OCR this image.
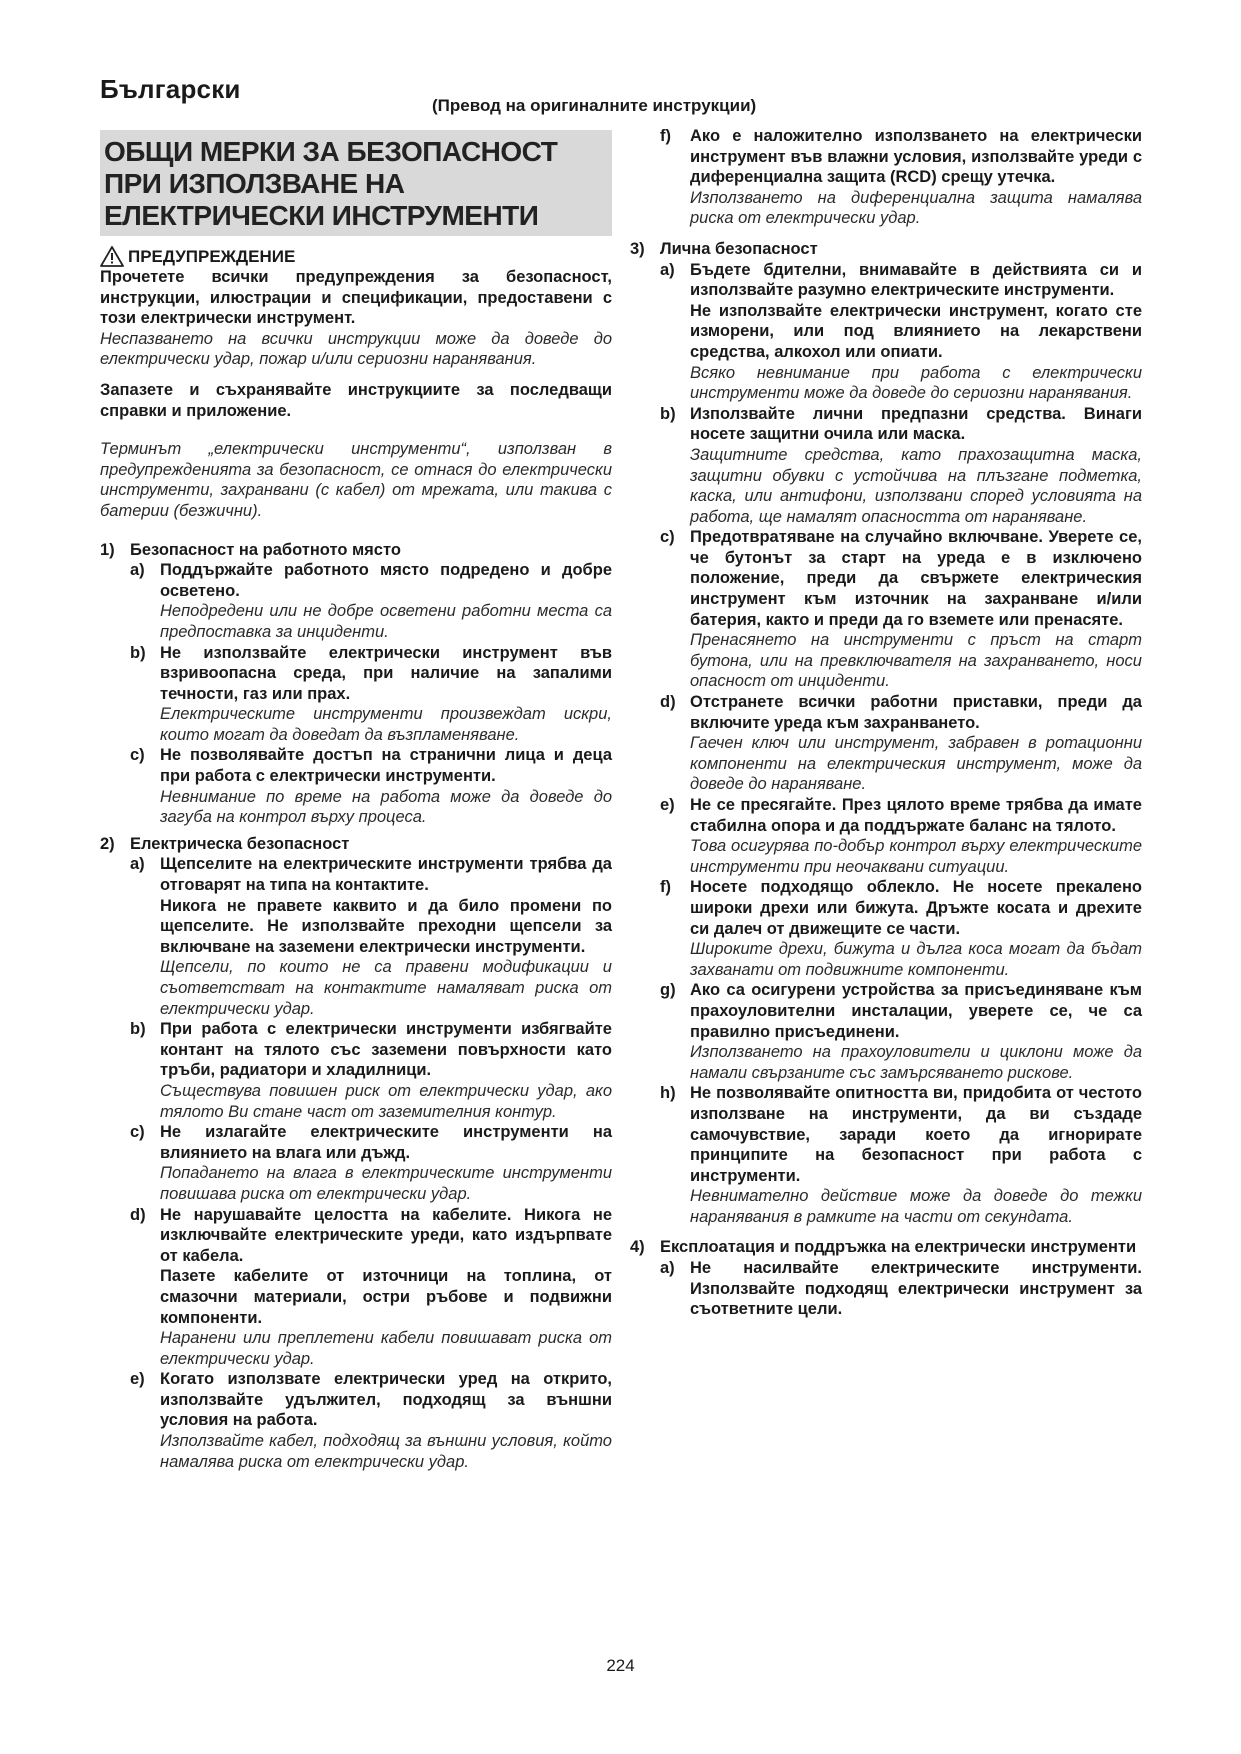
Български
(Превод на оригиналните инструкции)
ОБЩИ МЕРКИ ЗА БЕЗОПАСНОСТ
ПРИ ИЗПОЛЗВАНЕ НА
ЕЛЕКТРИЧЕСКИ ИНСТРУМЕНТИ
ПРЕДУПРЕЖДЕНИЕ

Прочетете всички предупреждения за безопасност, инструкции, илюстрации и спецификации, предоставени с този електрически инструмент.

Неспазването на всички инструкции може да доведе до електрически удар, пожар и/или сериозни наранявания.

Запазете и съхранявайте инструкциите за последващи справки и приложение.

Терминът „електрически инструменти“, използван в предупрежденията за безопасност, се отнася до електрически инструменти, захранвани (с кабел) от мрежата, или такива с батерии (безжични).

1) Безопасност на работното място
a) Поддържайте работното място подредено и добре осветено.

Неподредени или не добре осветени работни места са предпоставка за инциденти.

b) Не използвайте електрически инструмент във взривоопасна среда, при наличие на запалими течности, газ или прах.

Електрическите инструменти произвеждат искри, които могат да доведат да възпламеняване.

c) Не позволявайте достъп на странични лица и деца при работа с електрически инструменти.

Невнимание по време на работа може да доведе до загуба на контрол върху процеса.

2) Електрическа безопасност
a) Щепселите на електрическите инструменти трябва да отговарят на типа на контактите.

Никога не правете каквито и да било промени по щепселите. Не използвайте преходни щепсели за включване на заземени електрически инструменти.

Щепсели, по които не са правени модификации и съответстват на контактите намаляват риска от електрически удар.

b) При работа с електрически инструменти избягвайте контант на тялото със заземени повърхности като тръби, радиатори и хладилници.

Съществува повишен риск от електрически удар, ако тялото Ви стане част от заземителния контур.

c) Не излагайте електрическите инструменти на влиянието на влага или дъжд.

Попадането на влага в електрическите инструменти повишава риска от електрически удар.

d) Не нарушавайте целостта на кабелите. Никога не изключвайте електрическите уреди, като издърпвате от кабела.

Пазете кабелите от източници на топлина, от смазочни материали, остри ръбове и подвижни компоненти.

Наранени или преплетени кабели повишават риска от електрически удар.

e) Когато използвате електрически уред на открито, използвайте удължител, подходящ за външни условия на работа.

Използвайте кабел, подходящ за външни условия, който намалява риска от електрически удар.

f)	Ако е наложително използването на електрически инструмент във влажни условия, използвайте уреди с диференциална защита (RCD) срещу утечка.

Използването на диференциална защита намалява риска от електрически удар.

3) Лична безопасност
a) Бъдете бдителни, внимавайте в действията си и използвайте разумно електрическите инструменти.

Не използвайте електрически инструмент, когато сте изморени, или под влиянието на лекарствени средства, алкохол или опиати.

Всяко невнимание при работа с електрически инструменти може да доведе до сериозни наранявания.

b) Използвайте лични предпазни средства. Винаги носете защитни очила или маска.

Защитните средства, като прахозащитна маска, защитни обувки с устойчива на плъзгане подметка, каска, или антифони, използвани според условията на работа, ще намалят опасността от нараняване.

c) Предотвратяване на случайно включване. Уверете се, че бутонът за старт на уреда е в изключено положение, преди да свържете електрическия инструмент към източник на захранване и/или батерия, както и преди да го вземете или пренасяте.

Пренасянето на инструменти с пръст на старт бутона, или на превключвателя на захранването, носи опасност от инциденти.

d) Отстранете всички работни приставки, преди да включите уреда към захранването.

Гаечен ключ или инструмент, забравен в ротационни компоненти на електрическия инструмент, може да доведе до нараняване.

e) Не се пресягайте. През цялото време трябва да имате стабилна опора и да поддържате баланс на тялото.

Това осигурява по-добър контрол върху електрическите инструменти при неочаквани ситуации.

f)	Носете подходящо облекло. Не носете прекалено широки дрехи или бижута. Дръжте косата и дрехите си далеч от движещите се части.

Широките дрехи, бижута и дълга коса могат да бъдат захванати от подвижните компоненти.

g) Ако са осигурени устройства за присъединяване към прахоуловителни инсталации, уверете се, че са правилно присъединени.

Използването на прахоуловители и циклони може да намали свързаните със замърсяването рискове.

h) Не позволявайте опитността ви, придобита от честото използване на инструменти, да ви създаде самочувствие, заради което да игнорирате принципите на безопасност при работа с инструменти.

Невнимателно действие може да доведе до тежки наранявания в рамките на части от секундата.

4) Експлоатация и поддръжка на електрически инструменти
a) Не насилвайте електрическите инструменти. Използвайте подходящ електрически инструмент за съответните цели.

224
